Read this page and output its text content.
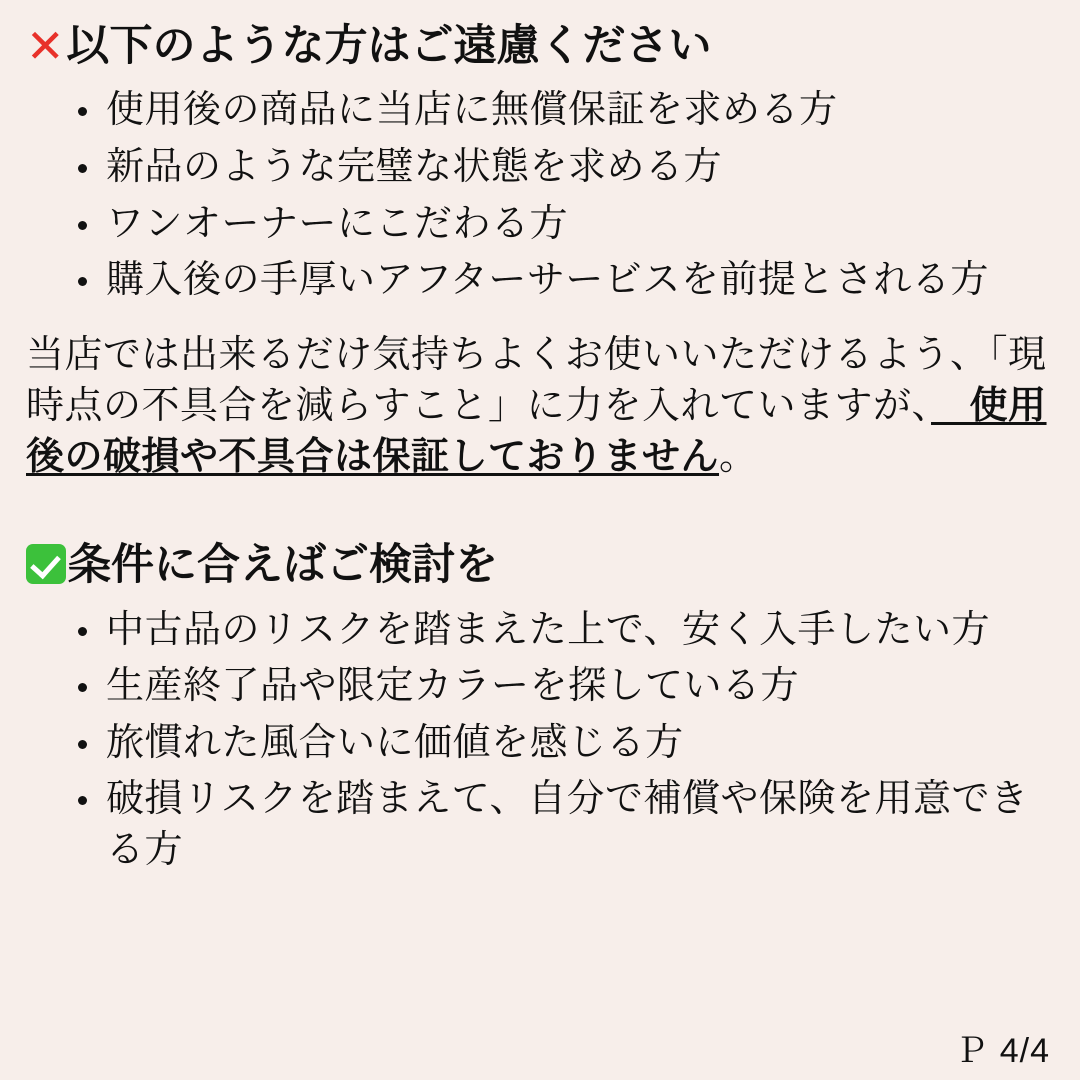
✕ 以下のような方はご遠慮ください
使用後の商品に当店に無償保証を求める方
新品のような完璧な状態を求める方
ワンオーナーにこだわる方
購入後の手厚いアフターサービスを前提とされる方

当店では出来るだけ気持ちよくお使いいただけるよう、「現時点の不具合を減らすこと」に力を入れていますが、　使用後の破損や不具合は保証しておりません。

条件に合えばご検討を
中古品のリスクを踏まえた上で、安く入手したい方
生産終了品や限定カラーを探している方
旅慣れた風合いに価値を感じる方
破損リスクを踏まえて、自分で補償や保険を用意できる方
Ｐ 4/4
